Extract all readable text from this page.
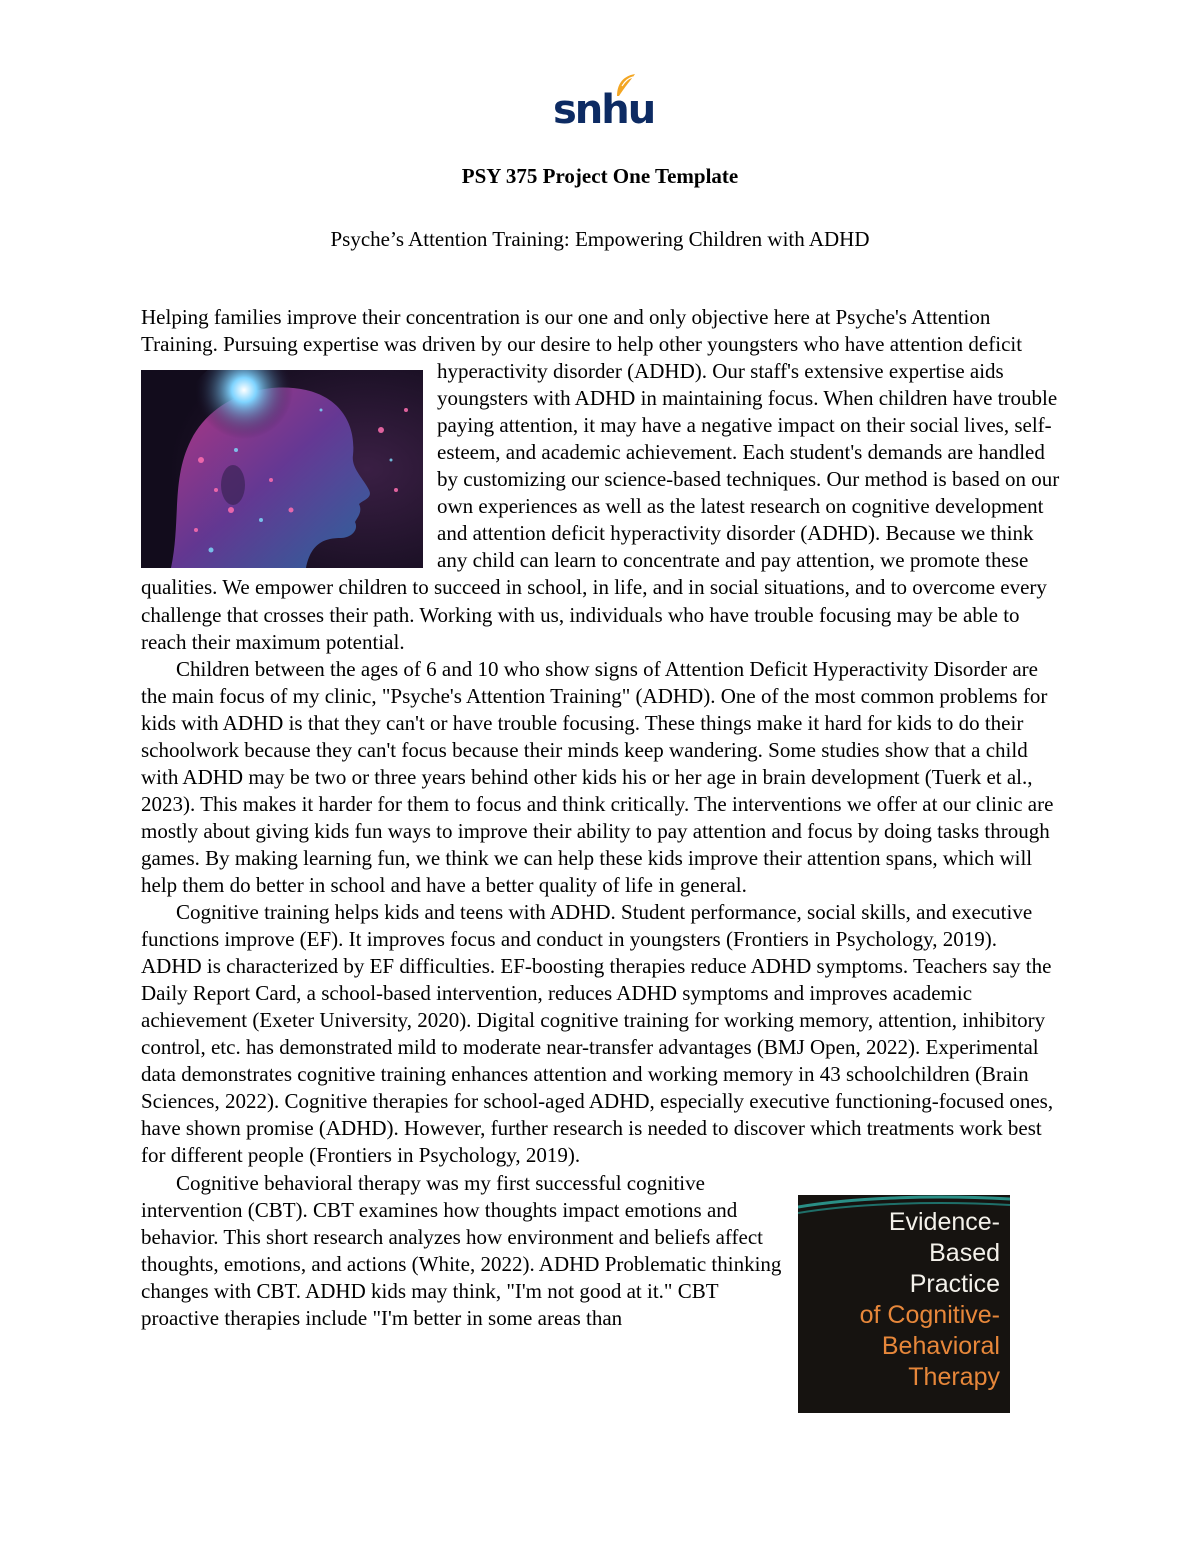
snhu
PSY 375 Project One Template
Psyche’s Attention Training: Empowering Children with ADHD

Helping families improve their concentration is our one and only objective here at Psyche's Attention Training. Pursuing expertise was driven by our desire to help other youngsters who
have attention deficit hyperactivity disorder (ADHD). Our staff's extensive expertise aids youngsters with ADHD in maintaining focus. When children have trouble paying attention, it may have a negative impact on their social lives, self-esteem, and academic achievement. Each student's demands are handled by customizing our science-based techniques. Our method is based on our own experiences as well as the latest research on cognitive development and attention deficit hyperactivity disorder (ADHD). Because we think any child can learn to concentrate and pay attention, we promote these qualities. We empower children to succeed in school, in life, and in social situations, and to overcome every challenge that crosses their path. Working with us, individuals who have trouble focusing may be able to reach their maximum potential.

Children between the ages of 6 and 10 who show signs of Attention Deficit Hyperactivity Disorder are the main focus of my clinic, "Psyche's Attention Training" (ADHD). One of the most common problems for kids with ADHD is that they can't or have trouble focusing. These things make it hard for kids to do their schoolwork because they can't focus because their minds keep wandering. Some studies show that a child with ADHD may be two or three years behind other kids his or her age in brain development (Tuerk et al., 2023). This makes it harder for them to focus and think critically. The interventions we offer at our clinic are mostly about giving kids fun ways to improve their ability to pay attention and focus by doing tasks through games. By making learning fun, we think we can help these kids improve their attention spans, which will help them do better in school and have a better quality of life in general.

Cognitive training helps kids and teens with ADHD. Student performance, social skills, and executive functions improve (EF). It improves focus and conduct in youngsters (Frontiers in Psychology, 2019). ADHD is characterized by EF difficulties. EF-boosting therapies reduce ADHD symptoms. Teachers say the Daily Report Card, a school-based intervention, reduces ADHD symptoms and improves academic achievement (Exeter University, 2020). Digital cognitive training for working memory, attention, inhibitory control, etc. has demonstrated mild to moderate near-transfer advantages (BMJ Open, 2022). Experimental data demonstrates cognitive training enhances attention and working memory in 43 schoolchildren (Brain Sciences, 2022). Cognitive therapies for school-aged ADHD, especially executive functioning-focused ones, have shown promise (ADHD). However, further research is needed to discover which treatments work best for different people (Frontiers in Psychology, 2019).

Evidence-
Based Practice
of Cognitive-
Behavioral
Therapy
Cognitive behavioral therapy was my first successful cognitive intervention (CBT). CBT examines how thoughts impact emotions and behavior. This short research analyzes how environment and beliefs affect thoughts, emotions, and actions (White, 2022). ADHD Problematic thinking changes with CBT. ADHD kids may think, "I'm not good at it." CBT proactive therapies include "I'm better in some areas than
